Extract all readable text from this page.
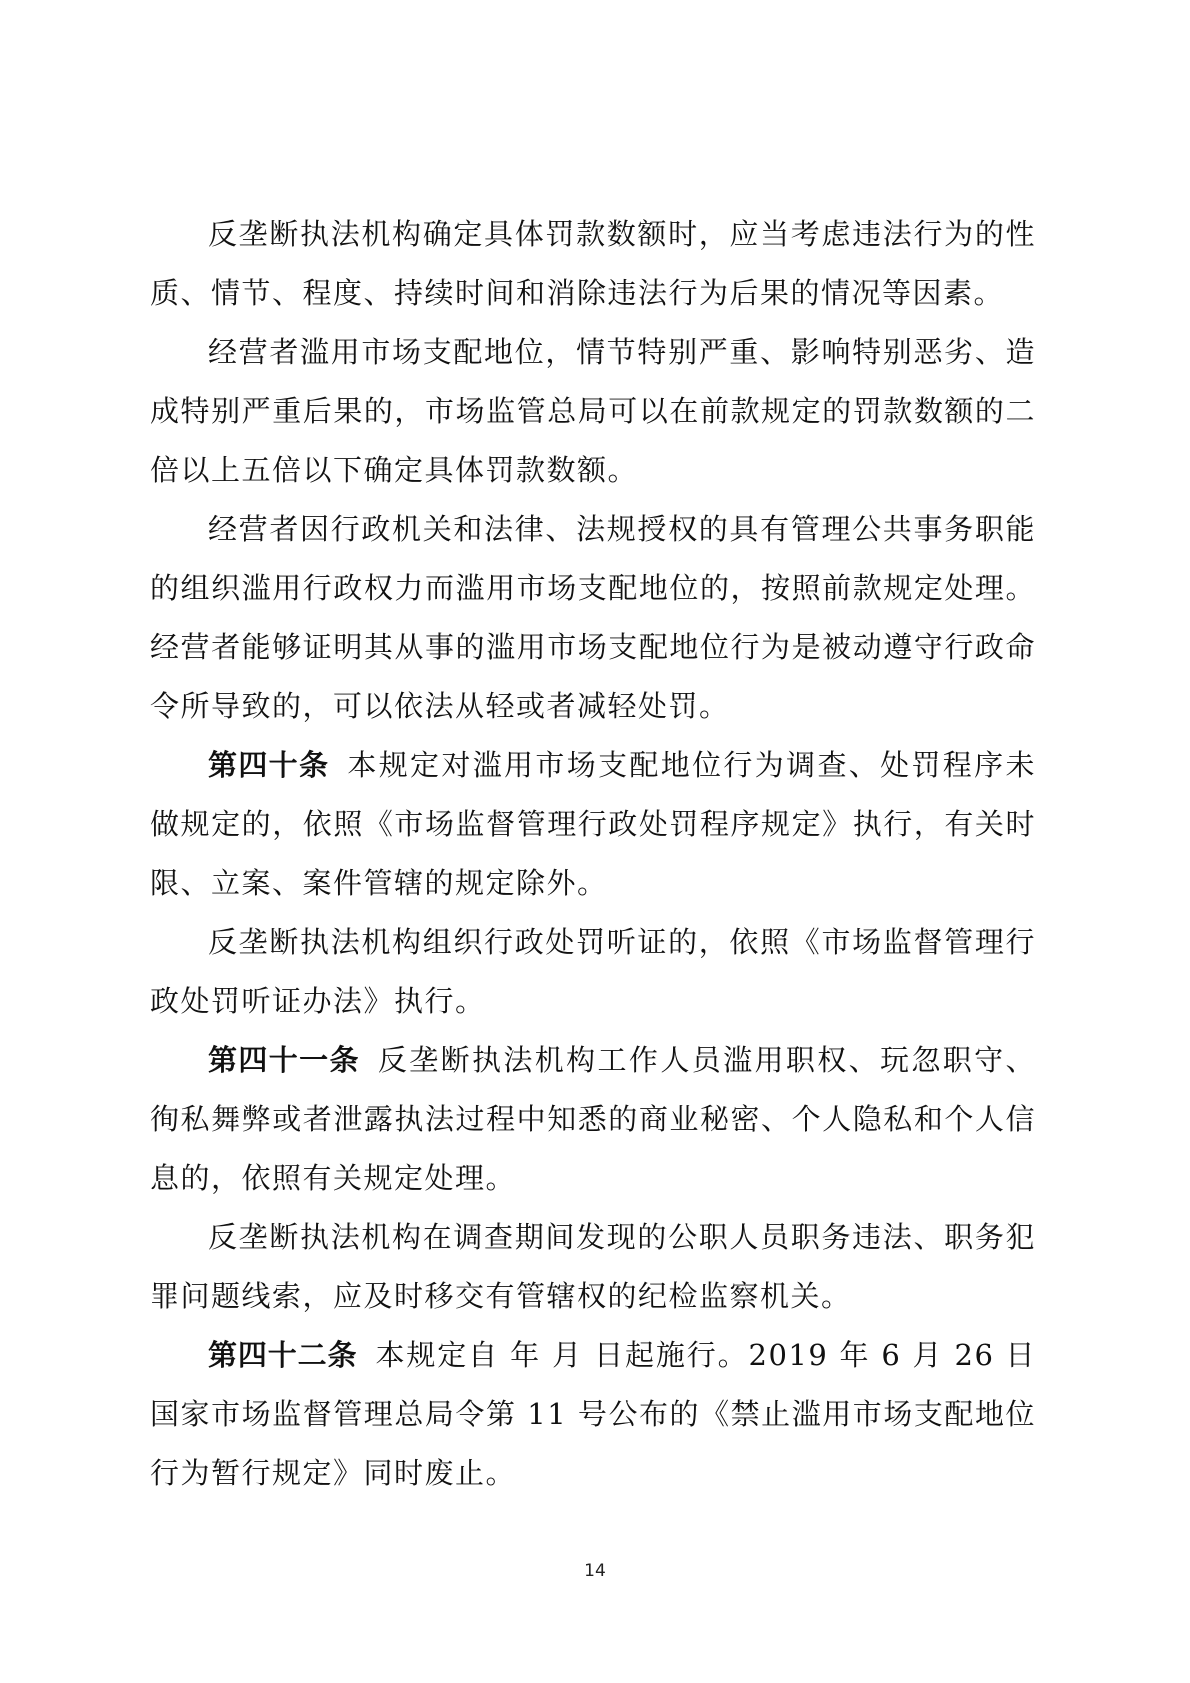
反垄断执法机构确定具体罚款数额时，应当考虑违法行为的性质、情节、程度、持续时间和消除违法行为后果的情况等因素。

经营者滥用市场支配地位，情节特别严重、影响特别恶劣、造成特别严重后果的，市场监管总局可以在前款规定的罚款数额的二倍以上五倍以下确定具体罚款数额。

经营者因行政机关和法律、法规授权的具有管理公共事务职能的组织滥用行政权力而滥用市场支配地位的，按照前款规定处理。经营者能够证明其从事的滥用市场支配地位行为是被动遵守行政命令所导致的，可以依法从轻或者减轻处罚。

第四十条 本规定对滥用市场支配地位行为调查、处罚程序未做规定的，依照《市场监督管理行政处罚程序规定》执行，有关时限、立案、案件管辖的规定除外。

反垄断执法机构组织行政处罚听证的，依照《市场监督管理行政处罚听证办法》执行。

第四十一条 反垄断执法机构工作人员滥用职权、玩忽职守、徇私舞弊或者泄露执法过程中知悉的商业秘密、个人隐私和个人信息的，依照有关规定处理。

反垄断执法机构在调查期间发现的公职人员职务违法、职务犯罪问题线索，应及时移交有管辖权的纪检监察机关。

第四十二条 本规定自 年 月 日起施行。2019 年 6 月 26 日国家市场监督管理总局令第 11 号公布的《禁止滥用市场支配地位行为暂行规定》同时废止。

14
